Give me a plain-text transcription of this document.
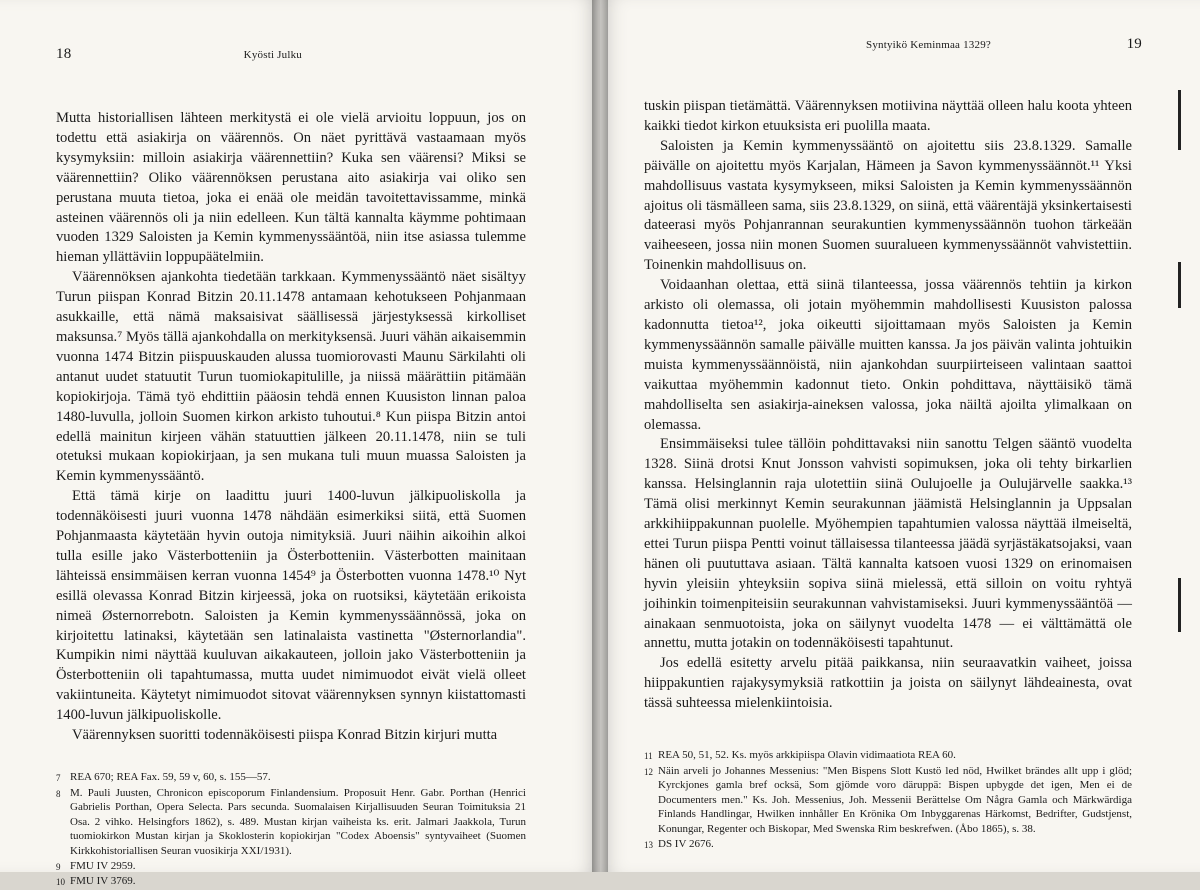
18	Kyösti Julku

Mutta historiallisen lähteen merkitystä ei ole vielä arvioitu loppuun, jos on todettu että asiakirja on väärennös. On näet pyrittävä vastaamaan myös kysymyksiin: milloin asiakirja väärennettiin? Kuka sen väärensi? Miksi se väärennettiin? Oliko väärennöksen perustana aito asiakirja vai oliko sen perustana muuta tietoa, joka ei enää ole meidän tavoitettavissamme, minkä asteinen väärennös oli ja niin edelleen. Kun tältä kannalta käymme pohtimaan vuoden 1329 Saloisten ja Kemin kymmenyssääntöä, niin itse asiassa tulemme hieman yllättäviin loppupäätelmiin.

Väärennöksen ajankohta tiedetään tarkkaan. Kymmenyssääntö näet sisältyy Turun piispan Konrad Bitzin 20.11.1478 antamaan kehotukseen Pohjanmaan asukkaille, että nämä maksaisivat säällisessä järjestyksessä kirkolliset maksunsa.⁷ Myös tällä ajankohdalla on merkityksensä. Juuri vähän aikaisemmin vuonna 1474 Bitzin piispuuskauden alussa tuomiorovasti Maunu Särkilahti oli antanut uudet statuutit Turun tuomiokapitulille, ja niissä määrättiin pitämään kopiokirjoja. Tämä työ ehdittiin pääosin tehdä ennen Kuusiston linnan paloa 1480-luvulla, jolloin Suomen kirkon arkisto tuhoutui.⁸ Kun piispa Bitzin antoi edellä mainitun kirjeen vähän statuuttien jälkeen 20.11.1478, niin se tuli otetuksi mukaan kopiokirjaan, ja sen mukana tuli muun muassa Saloisten ja Kemin kymmenyssääntö.

Että tämä kirje on laadittu juuri 1400-luvun jälkipuoliskolla ja todennäköisesti juuri vuonna 1478 nähdään esimerkiksi siitä, että Suomen Pohjanmaasta käytetään hyvin outoja nimityksiä. Juuri näihin aikoihin alkoi tulla esille jako Västerbotteniin ja Österbotteniin. Västerbotten mainitaan lähteissä ensimmäisen kerran vuonna 1454⁹ ja Österbotten vuonna 1478.¹⁰ Nyt esillä olevassa Konrad Bitzin kirjeessä, joka on ruotsiksi, käytetään erikoista nimeä Østernorrebotn. Saloisten ja Kemin kymmenyssäännössä, joka on kirjoitettu latinaksi, käytetään sen latinalaista vastinetta "Østernorlandia". Kumpikin nimi näyttää kuuluvan aikakauteen, jolloin jako Västerbotteniin ja Österbotteniin oli tapahtumassa, mutta uudet nimimuodot eivät vielä olleet vakiintuneita. Käytetyt nimimuodot sitovat väärennyksen synnyn kiistattomasti 1400-luvun jälkipuoliskolle.

Väärennyksen suoritti todennäköisesti piispa Konrad Bitzin kirjuri mutta

7 REA 670; REA Fax. 59, 59 v, 60, s. 155—57.
8 M. Pauli Juusten, Chronicon episcoporum Finlandensium. Proposuit Henr. Gabr. Porthan (Henrici Gabrielis Porthan, Opera Selecta. Pars secunda. Suomalaisen Kirjallisuuden Seuran Toimituksia 21 Osa. 2 vihko. Helsingfors 1862), s. 489. Mustan kirjan vaiheista ks. erit. Jalmari Jaakkola, Turun tuomiokirkon Mustan kirjan ja Skoklosterin kopiokirjan "Codex Aboensis" syntyvaiheet (Suomen Kirkkohistoriallisen Seuran vuosikirja XXI/1931).
9 FMU IV 2959.
10 FMU IV 3769.
Syntyikö Keminmaa 1329?	19

tuskin piispan tietämättä. Väärennyksen motiivina näyttää olleen halu koota yhteen kaikki tiedot kirkon etuuksista eri puolilla maata.

Saloisten ja Kemin kymmenyssääntö on ajoitettu siis 23.8.1329. Samalle päivälle on ajoitettu myös Karjalan, Hämeen ja Savon kymmenyssäännöt.¹¹ Yksi mahdollisuus vastata kysymykseen, miksi Saloisten ja Kemin kymmenyssäännön ajoitus oli täsmälleen sama, siis 23.8.1329, on siinä, että väärentäjä yksinkertaisesti dateerasi myös Pohjanrannan seurakuntien kymmenyssäännön tuohon tärkeään vaiheeseen, jossa niin monen Suomen suuralueen kymmenyssäännöt vahvistettiin. Toinenkin mahdollisuus on.

Voidaanhan olettaa, että siinä tilanteessa, jossa väärennös tehtiin ja kirkon arkisto oli olemassa, oli jotain myöhemmin mahdollisesti Kuusiston palossa kadonnutta tietoa¹², joka oikeutti sijoittamaan myös Saloisten ja Kemin kymmenyssäännön samalle päivälle muitten kanssa. Ja jos päivän valinta johtuikin muista kymmenyssäännöistä, niin ajankohdan suurpiirteiseen valintaan saattoi vaikuttaa myöhemmin kadonnut tieto. Onkin pohdittava, näyttäisikö tämä mahdolliselta sen asiakirja-aineksen valossa, joka näiltä ajoilta ylimalkaan on olemassa.

Ensimmäiseksi tulee tällöin pohdittavaksi niin sanottu Telgen sääntö vuodelta 1328. Siinä drotsi Knut Jonsson vahvisti sopimuksen, joka oli tehty birkarlien kanssa. Helsinglannin raja ulotettiin siinä Oulujoelle ja Oulujärvelle saakka.¹³ Tämä olisi merkinnyt Kemin seurakunnan jäämistä Helsinglannin ja Uppsalan arkkihiippakunnan puolelle. Myöhempien tapahtumien valossa näyttää ilmeiseltä, ettei Turun piispa Pentti voinut tällaisessa tilanteessa jäädä syrjästäkatsojaksi, vaan hänen oli puututtava asiaan. Tältä kannalta katsoen vuosi 1329 on erinomaisen hyvin yleisiin yhteyksiin sopiva siinä mielessä, että silloin on voitu ryhtyä joihinkin toimenpiteisiin seurakunnan vahvistamiseksi. Juuri kymmenyssääntöä — ainakaan senmuotoista, joka on säilynyt vuodelta 1478 — ei välttämättä ole annettu, mutta jotakin on todennäköisesti tapahtunut.

Jos edellä esitetty arvelu pitää paikkansa, niin seuraavatkin vaiheet, joissa hiippakuntien rajakysymyksiä ratkottiin ja joista on säilynyt lähdeainesta, ovat tässä suhteessa mielenkiintoisia.

11 REA 50, 51, 52. Ks. myös arkkipiispa Olavin vidimaatiota REA 60.
12 Näin arveli jo Johannes Messenius: "Men Bispens Slott Kustö led nöd, Hwilket brändes allt upp i glöd; Kyrckjones gamla bref ocksä, Som gjömde voro däruppä: Bispen upbygde det igen, Men ei de Documenters men." Ks. Joh. Messenius, Joh. Messenii Berättelse Om Några Gamla och Märkwärdiga Finlands Handlingar, Hwilken innhåller En Krönika Om Inbyggarenas Härkomst, Bedrifter, Gudstjenst, Konungar, Regenter och Biskopar, Med Swenska Rim beskrefwen. (Åbo 1865), s. 38.
13 DS IV 2676.
